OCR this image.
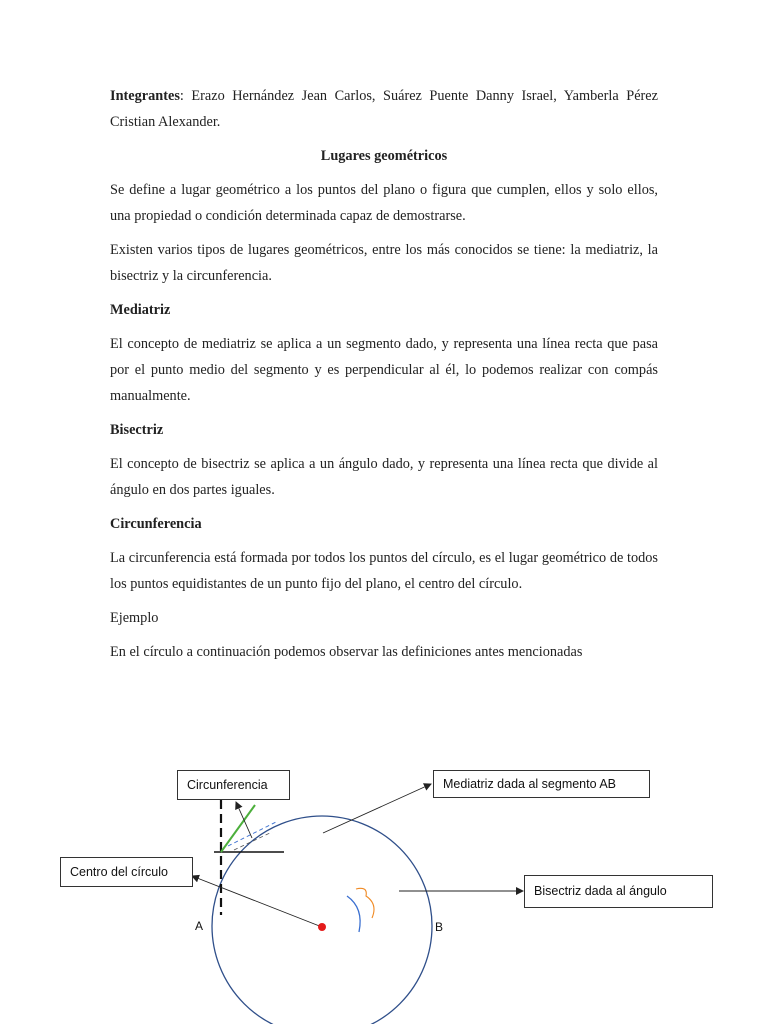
Integrantes: Erazo Hernández Jean Carlos, Suárez Puente Danny Israel, Yamberla Pérez Cristian Alexander.

Lugares geométricos

Se define a lugar geométrico a los puntos del plano o figura que cumplen, ellos y solo ellos, una propiedad o condición determinada capaz de demostrarse.

Existen varios tipos de lugares geométricos, entre los más conocidos se tiene: la mediatriz, la bisectriz y la circunferencia.

Mediatriz

El concepto de mediatriz se aplica a un segmento dado, y representa una línea recta que pasa por el punto medio del segmento y es perpendicular al él, lo podemos realizar con compás manualmente.

Bisectriz

El concepto de bisectriz se aplica a un ángulo dado, y representa una línea recta que divide al ángulo en dos partes iguales.

Circunferencia

La circunferencia está formada por todos los puntos del círculo, es el lugar geométrico de todos los puntos equidistantes de un punto fijo del plano, el centro del círculo.

Ejemplo

En el círculo a continuación podemos observar las definiciones antes mencionadas

Circunferencia	Mediatriz dada al segmento AB
Centro del círculo
Bisectriz dada al ángulo
A	B
